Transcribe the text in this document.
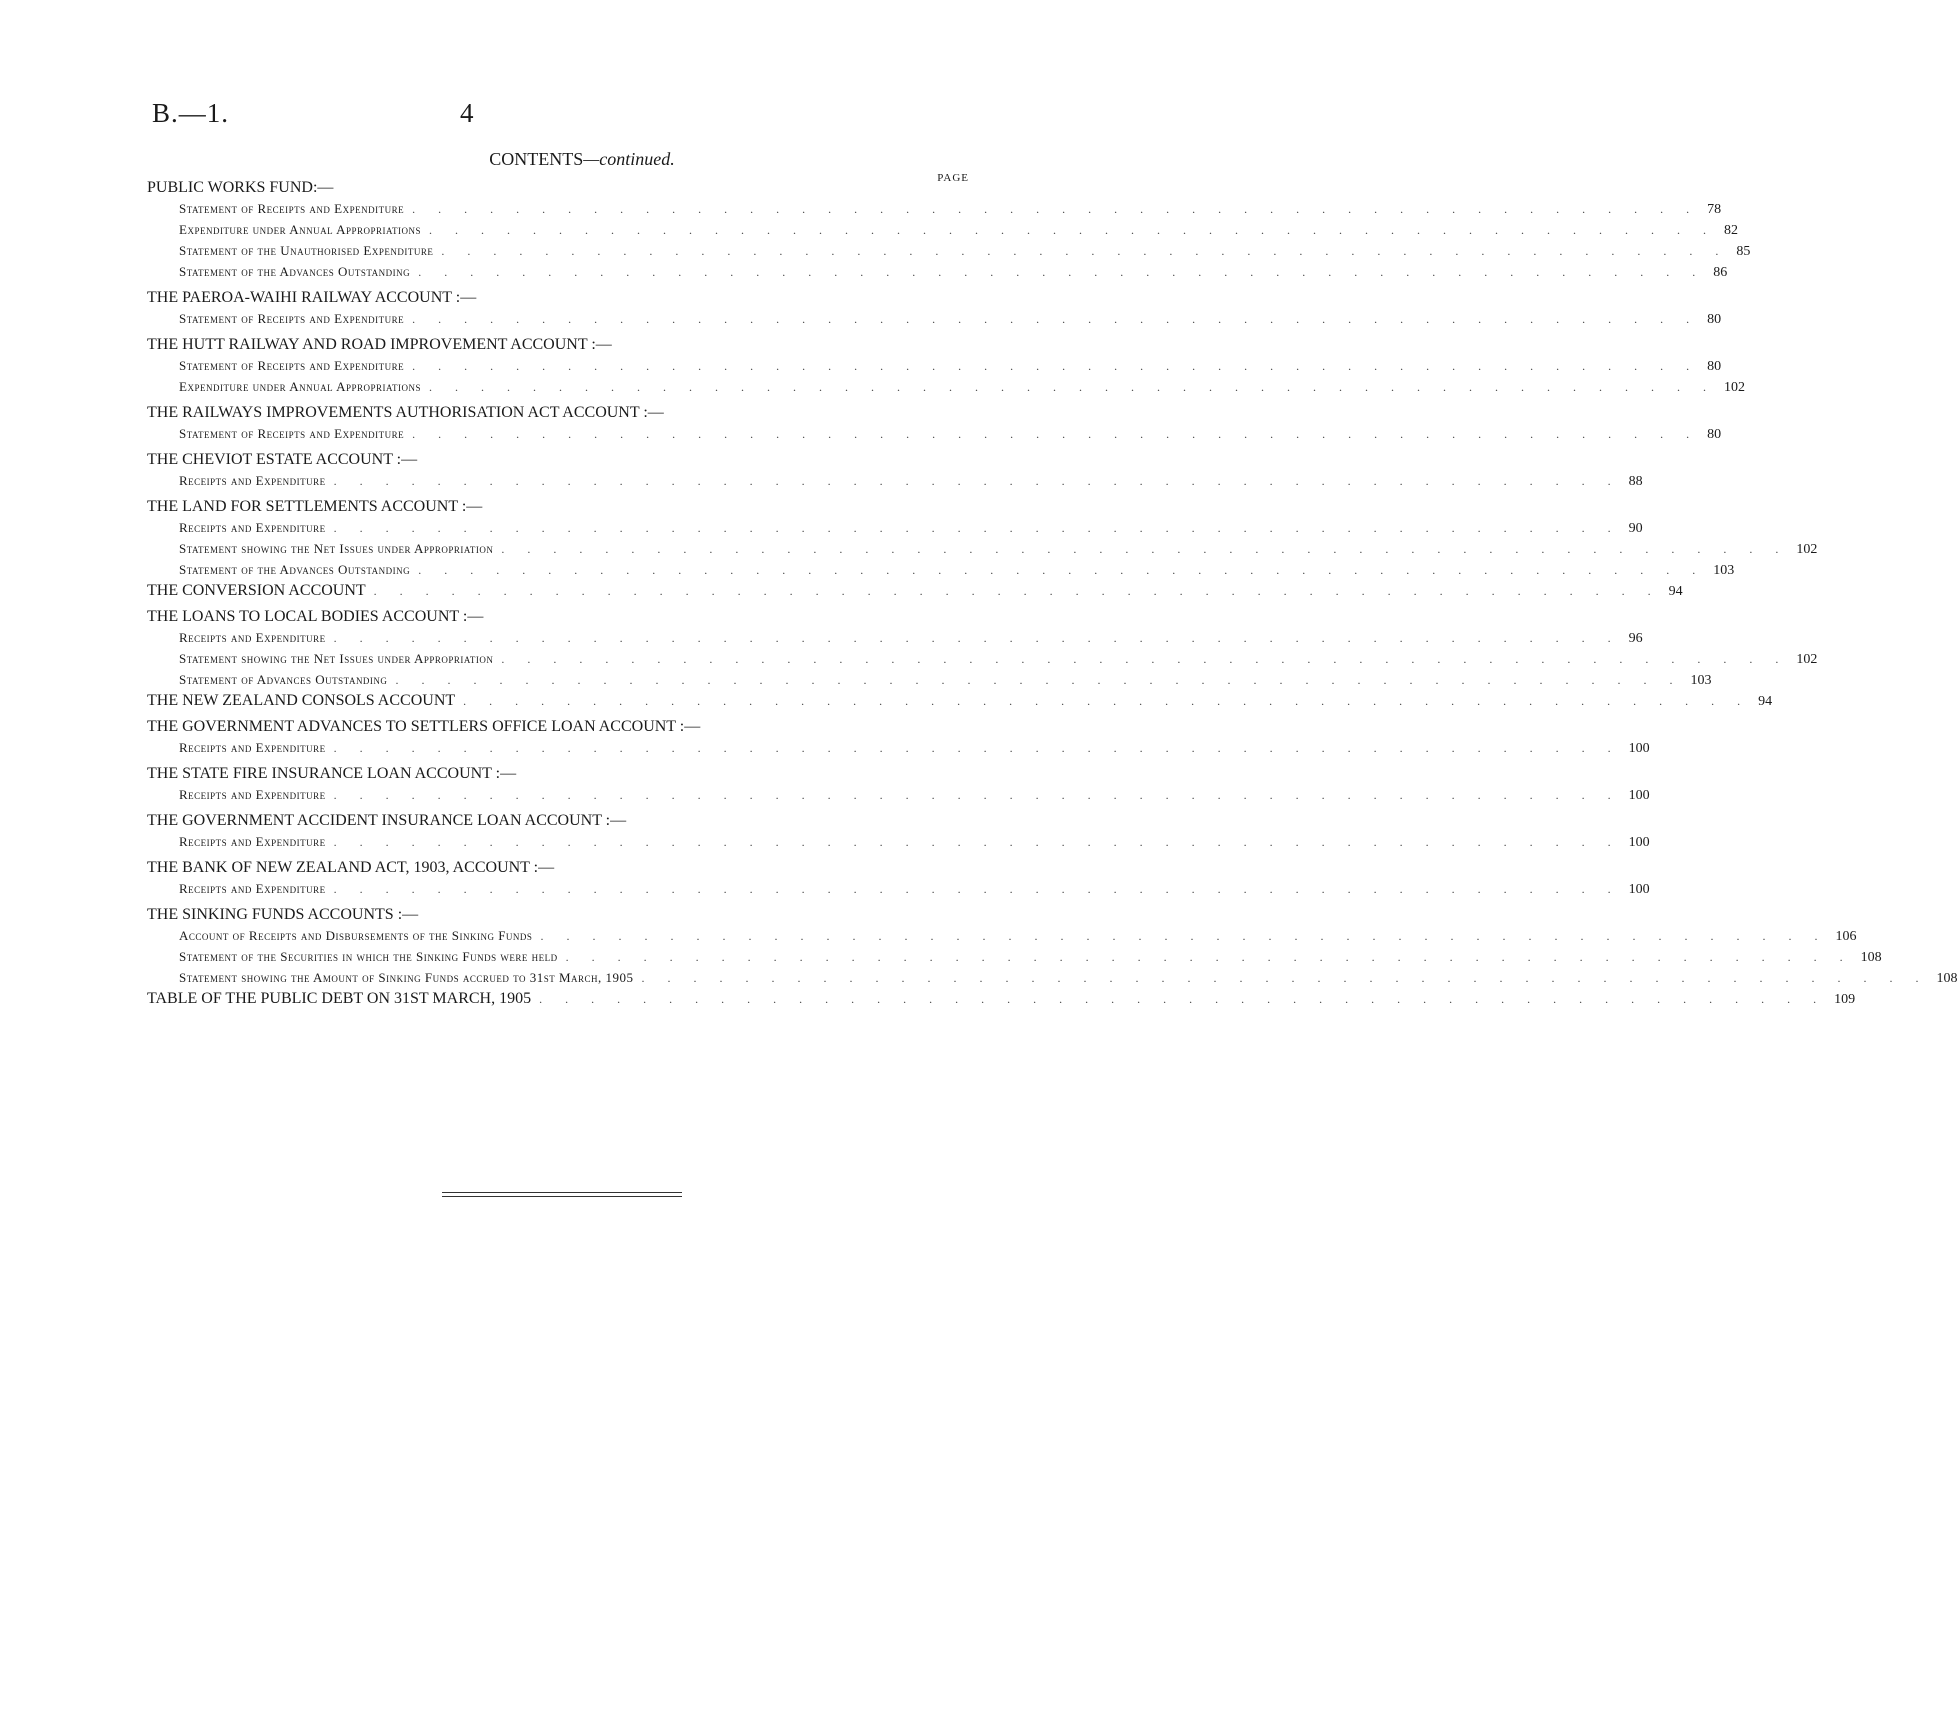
B.—1.	4
CONTENTS—continued.
PAGE
PUBLIC WORKS FUND:—
Statement of Receipts and Expenditure . . . . . . . . . . . . . . . . . . . . . . . . . . . . . . . . . . . . . . . . . . . . . . . . . . 78
Expenditure under Annual Appropriations . . . . . . . . . . . . . . . . . . . . . . . . . . . . . . . . . . . . . . . . . . . . . . . . . . 82
Statement of the Unauthorised Expenditure . . . . . . . . . . . . . . . . . . . . . . . . . . . . . . . . . . . . . . . . . . . . . . . . . . 85
Statement of the Advances Outstanding . . . . . . . . . . . . . . . . . . . . . . . . . . . . . . . . . . . . . . . . . . . . . . . . . . 86
THE PAEROA-WAIHI RAILWAY ACCOUNT :—
Statement of Receipts and Expenditure . . . . . . . . . . . . . . . . . . . . . . . . . . . . . . . . . . . . . . . . . . . . . . . . . . 80
THE HUTT RAILWAY AND ROAD IMPROVEMENT ACCOUNT :—
Statement of Receipts and Expenditure . . . . . . . . . . . . . . . . . . . . . . . . . . . . . . . . . . . . . . . . . . . . . . . . . . 80
Expenditure under Annual Appropriations . . . . . . . . . . . . . . . . . . . . . . . . . . . . . . . . . . . . . . . . . . . . . . . . . . 102
THE RAILWAYS IMPROVEMENTS AUTHORISATION ACT ACCOUNT :—
Statement of Receipts and Expenditure . . . . . . . . . . . . . . . . . . . . . . . . . . . . . . . . . . . . . . . . . . . . . . . . . . 80
THE CHEVIOT ESTATE ACCOUNT :—
Receipts and Expenditure . . . . . . . . . . . . . . . . . . . . . . . . . . . . . . . . . . . . . . . . . . . . . . . . . . 88
THE LAND FOR SETTLEMENTS ACCOUNT :—
Receipts and Expenditure . . . . . . . . . . . . . . . . . . . . . . . . . . . . . . . . . . . . . . . . . . . . . . . . . . 90
Statement showing the Net Issues under Appropriation . . . . . . . . . . . . . . . . . . . . . . . . . . . . . . . . . . . . . . . . . . . . . . . . . . 102
Statement of the Advances Outstanding . . . . . . . . . . . . . . . . . . . . . . . . . . . . . . . . . . . . . . . . . . . . . . . . . . 103
THE CONVERSION ACCOUNT . . . . . . . . . . . . . . . . . . . . . . . . . . . . . . . . . . . . . . . . . . . . . . . . . . 94
THE LOANS TO LOCAL BODIES ACCOUNT :—
Receipts and Expenditure . . . . . . . . . . . . . . . . . . . . . . . . . . . . . . . . . . . . . . . . . . . . . . . . . . 96
Statement showing the Net Issues under Appropriation . . . . . . . . . . . . . . . . . . . . . . . . . . . . . . . . . . . . . . . . . . . . . . . . . . 102
Statement of Advances Outstanding . . . . . . . . . . . . . . . . . . . . . . . . . . . . . . . . . . . . . . . . . . . . . . . . . . 103
THE NEW ZEALAND CONSOLS ACCOUNT . . . . . . . . . . . . . . . . . . . . . . . . . . . . . . . . . . . . . . . . . . . . . . . . . . 94
THE GOVERNMENT ADVANCES TO SETTLERS OFFICE LOAN ACCOUNT :—
Receipts and Expenditure . . . . . . . . . . . . . . . . . . . . . . . . . . . . . . . . . . . . . . . . . . . . . . . . . . 100
THE STATE FIRE INSURANCE LOAN ACCOUNT :—
Receipts and Expenditure . . . . . . . . . . . . . . . . . . . . . . . . . . . . . . . . . . . . . . . . . . . . . . . . . . 100
THE GOVERNMENT ACCIDENT INSURANCE LOAN ACCOUNT :—
Receipts and Expenditure . . . . . . . . . . . . . . . . . . . . . . . . . . . . . . . . . . . . . . . . . . . . . . . . . . 100
THE BANK OF NEW ZEALAND ACT, 1903, ACCOUNT :—
Receipts and Expenditure . . . . . . . . . . . . . . . . . . . . . . . . . . . . . . . . . . . . . . . . . . . . . . . . . . 100
THE SINKING FUNDS ACCOUNTS :—
Account of Receipts and Disbursements of the Sinking Funds . . . . . . . . . . . . . . . . . . . . . . . . . . . . . . . . . . . . . . . . . . . . . . . . . . 106
Statement of the Securities in which the Sinking Funds were held . . . . . . . . . . . . . . . . . . . . . . . . . . . . . . . . . . . . . . . . . . . . . . . . . . 108
Statement showing the Amount of Sinking Funds accrued to 31st March, 1905 . . . . . . . . . . . . . . . . . . . . . . . . . . . . . . . . . . . . . . . . . . . . . . . . . . 108
TABLE OF THE PUBLIC DEBT ON 31ST MARCH, 1905 . . . . . . . . . . . . . . . . . . . . . . . . . . . . . . . . . . . . . . . . . . . . . . . . . . 109
